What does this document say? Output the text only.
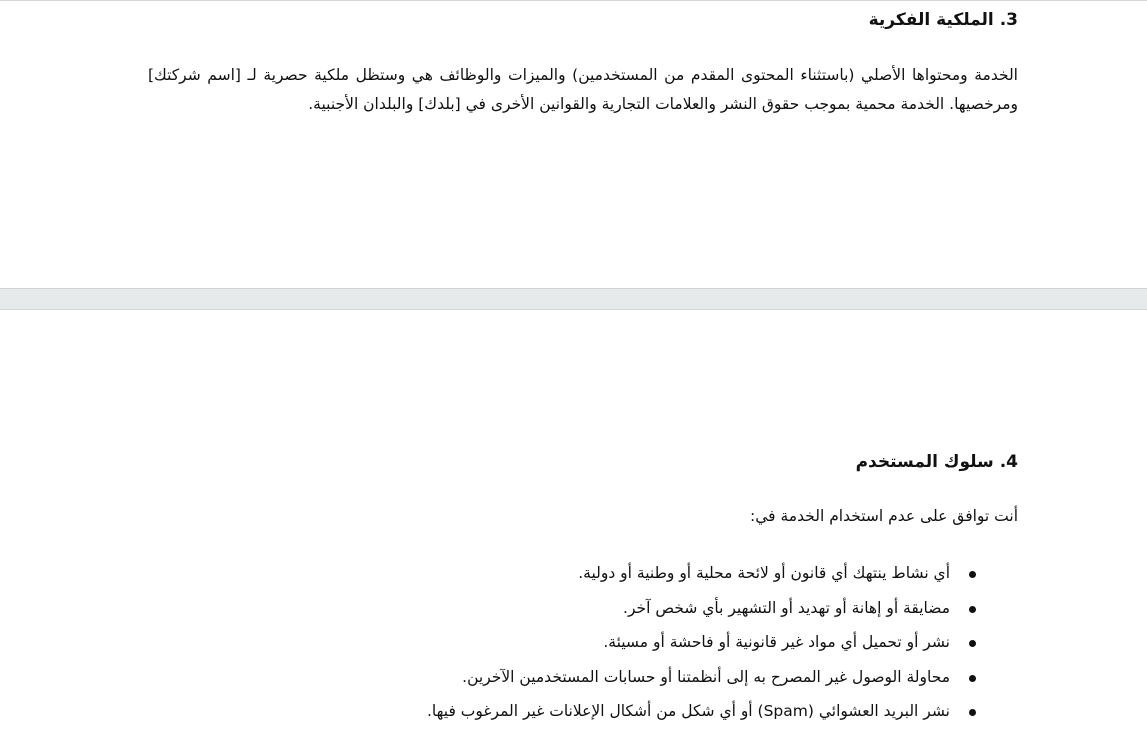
3. الملكية الفكرية

الخدمة ومحتواها الأصلي (باستثناء المحتوى المقدم من المستخدمين) والميزات والوظائف هي وستظل ملكية حصرية لـ [اسم شركتك] ومرخصيها. الخدمة محمية بموجب حقوق النشر والعلامات التجارية والقوانين الأخرى في [بلدك] والبلدان الأجنبية.

4. سلوك المستخدم

أنت توافق على عدم استخدام الخدمة في:

أي نشاط ينتهك أي قانون أو لائحة محلية أو وطنية أو دولية.
مضايقة أو إهانة أو تهديد أو التشهير بأي شخص آخر.
نشر أو تحميل أي مواد غير قانونية أو فاحشة أو مسيئة.
محاولة الوصول غير المصرح به إلى أنظمتنا أو حسابات المستخدمين الآخرين.
نشر البريد العشوائي (Spam) أو أي شكل من أشكال الإعلانات غير المرغوب فيها.
